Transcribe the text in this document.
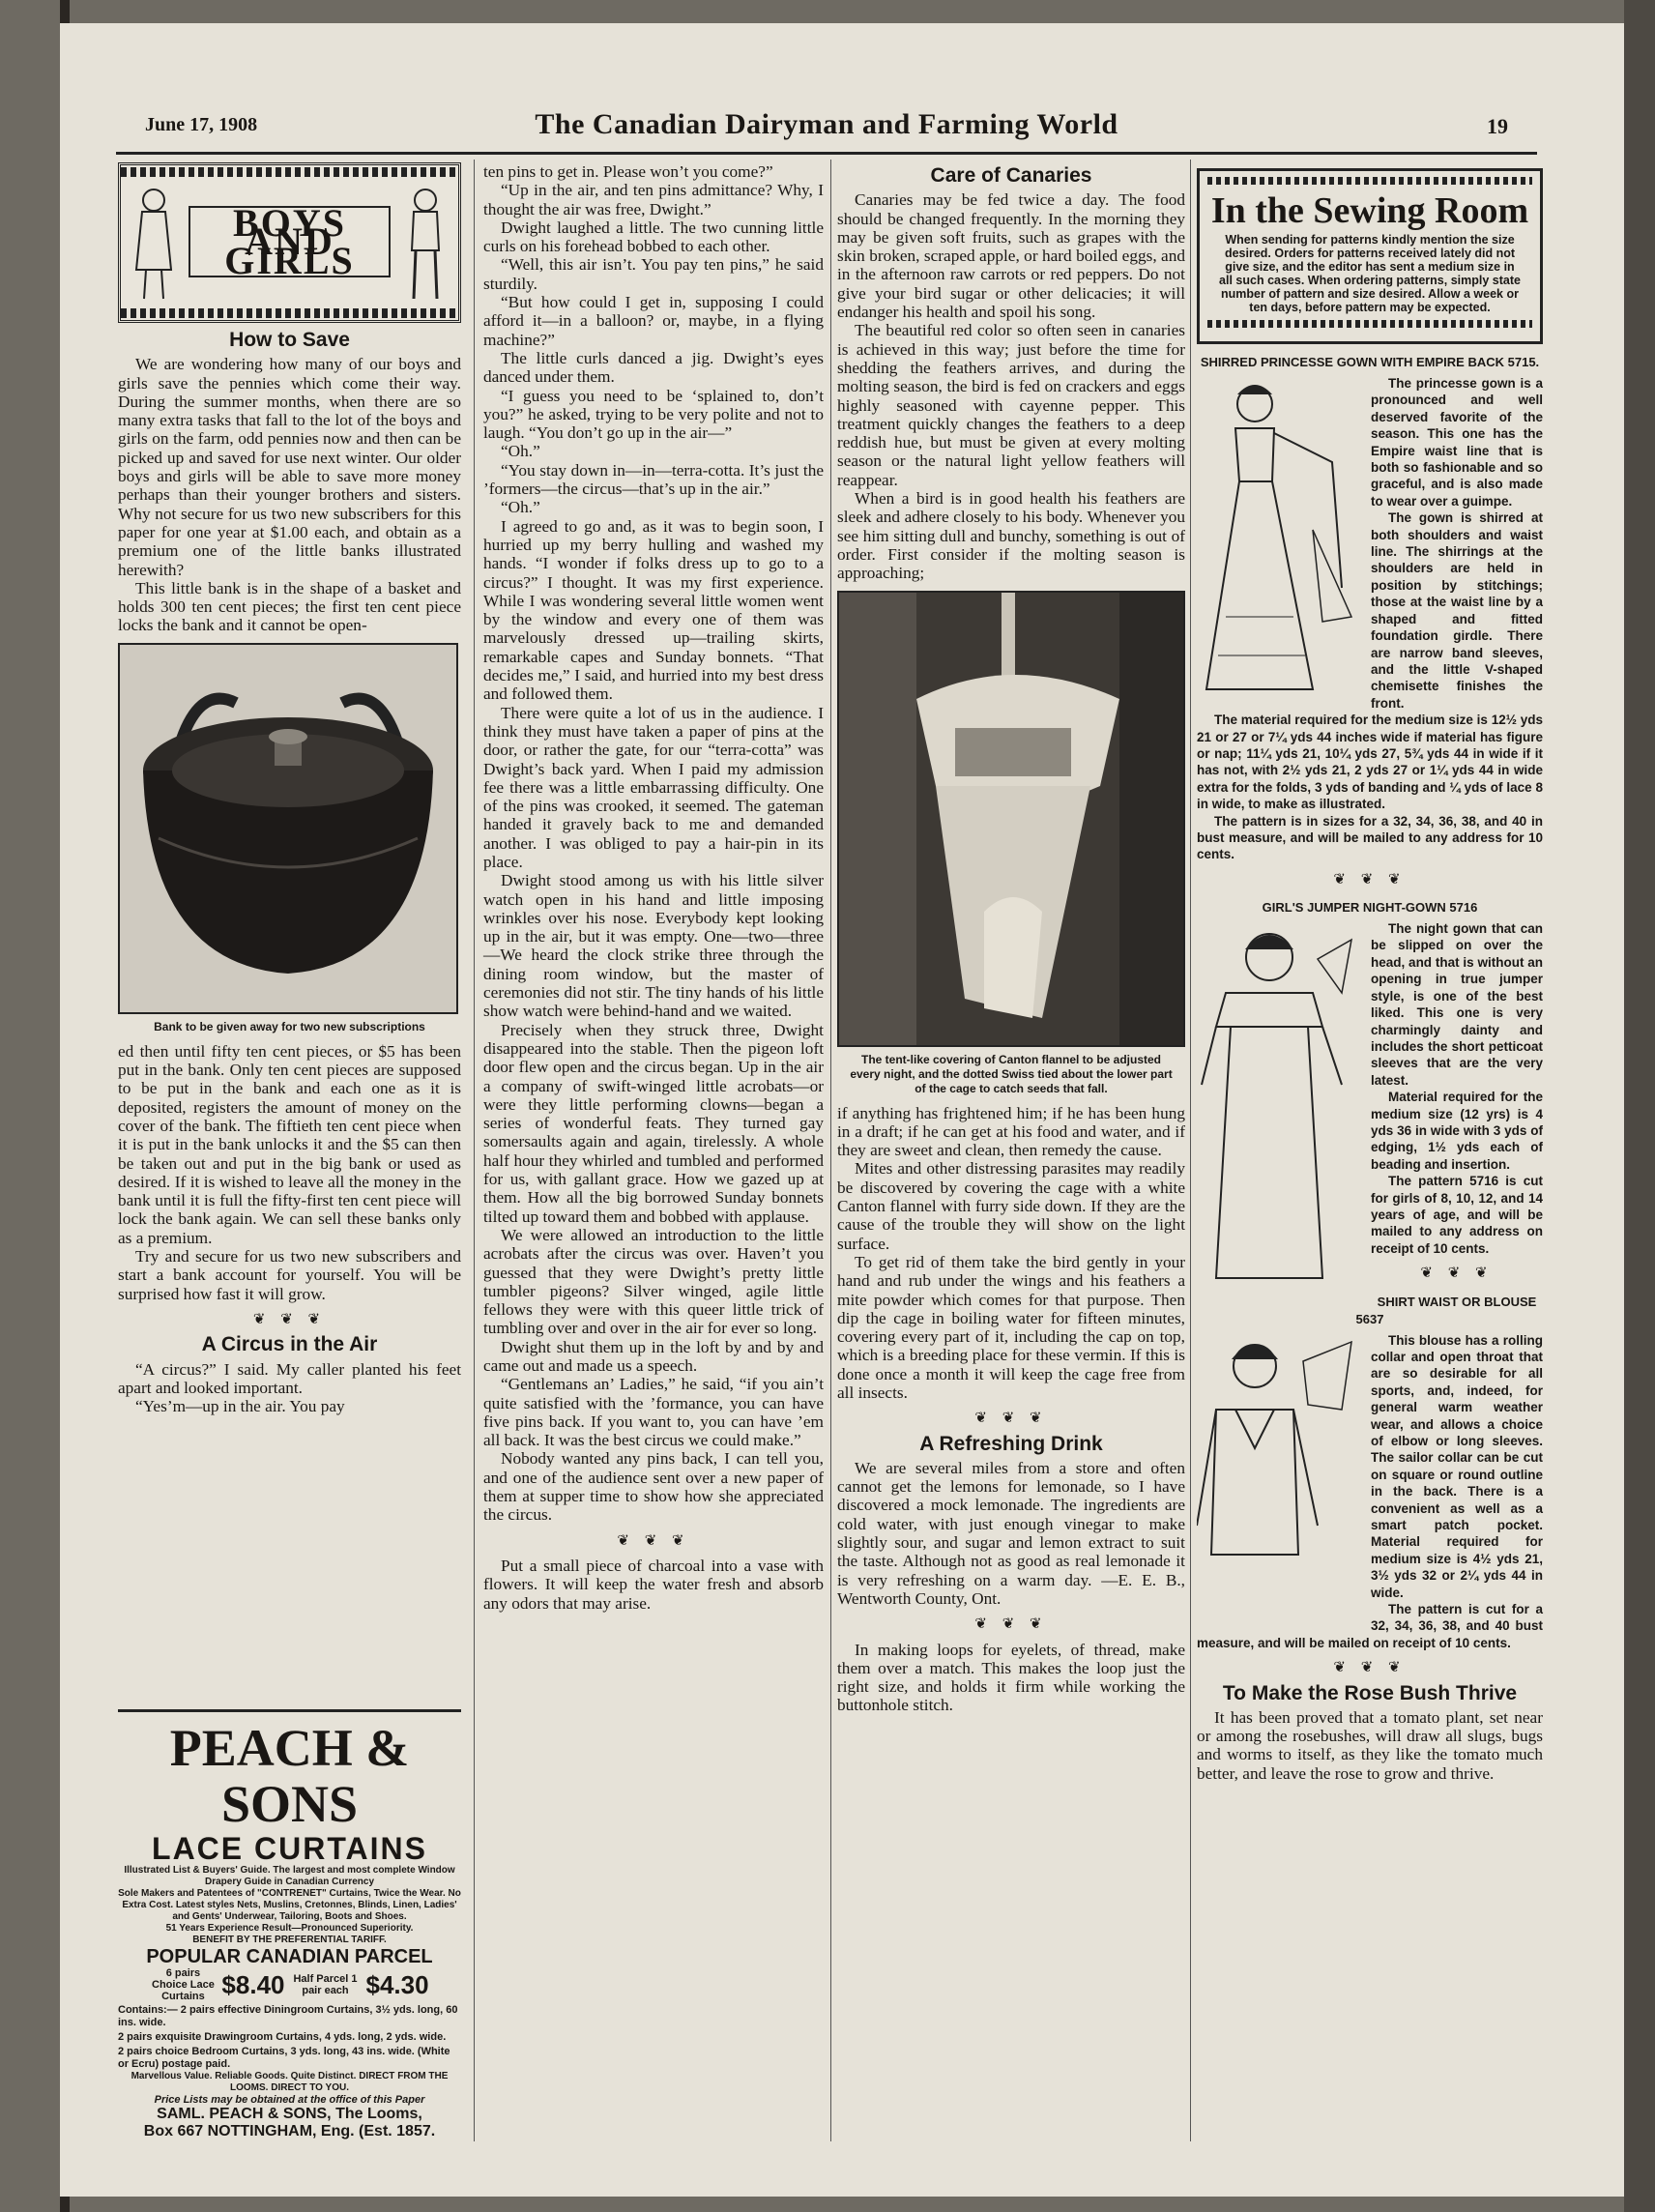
June 17, 1908	The Canadian Dairyman and Farming World	19
BOYS AND GIRLS
How to Save

We are wondering how many of our boys and girls save the pennies which come their way. During the summer months, when there are so many extra tasks that fall to the lot of the boys and girls on the farm, odd pennies now and then can be picked up and saved for use next winter. Our older boys and girls will be able to save more money perhaps than their younger brothers and sisters. Why not secure for us two new subscribers for this paper for one year at $1.00 each, and obtain as a premium one of the little banks illustrated herewith?

This little bank is in the shape of a basket and holds 300 ten cent pieces; the first ten cent piece locks the bank and it cannot be open-

Bank to be given away for two new subscriptions

ed then until fifty ten cent pieces, or $5 has been put in the bank. Only ten cent pieces are supposed to be put in the bank and each one as it is deposited, registers the amount of money on the cover of the bank. The fiftieth ten cent piece when it is put in the bank unlocks it and the $5 can then be taken out and put in the big bank or used as desired. If it is wished to leave all the money in the bank until it is full the fifty-first ten cent piece will lock the bank again. We can sell these banks only as a premium.

Try and secure for us two new subscribers and start a bank account for yourself. You will be surprised how fast it will grow.

❦ ❦ ❦
A Circus in the Air

“A circus?” I said. My caller planted his feet apart and looked important.

“Yes’m—up in the air. You pay

PEACH & SONS
LACE CURTAINS
Illustrated List & Buyers' Guide. The largest and most complete Window Drapery Guide in Canadian Currency
Sole Makers and Patentees of "CONTRENET" Curtains, Twice the Wear. No Extra Cost. Latest styles Nets, Muslins, Cretonnes, Blinds, Linen, Ladies' and Gents' Underwear, Tailoring, Boots and Shoes.
51 Years Experience Result—Pronounced Superiority.
BENEFIT BY THE PREFERENTIAL TARIFF.
POPULAR CANADIAN PARCEL
6 pairs Choice Lace Curtains $8.40 Half Parcel 1 pair each $4.30
Contains:— 2 pairs effective Diningroom Curtains, 3½ yds. long, 60 ins. wide.
2 pairs exquisite Drawingroom Curtains, 4 yds. long, 2 yds. wide.
2 pairs choice Bedroom Curtains, 3 yds. long, 43 ins. wide. (White or Ecru) postage paid.
Marvellous Value. Reliable Goods. Quite Distinct. DIRECT FROM THE LOOMS. DIRECT TO YOU.
Price Lists may be obtained at the office of this Paper
SAML. PEACH & SONS, The Looms,
Box 667 NOTTINGHAM, Eng. (Est. 1857.

ten pins to get in. Please won’t you come?”

“Up in the air, and ten pins admittance? Why, I thought the air was free, Dwight.”

Dwight laughed a little. The two cunning little curls on his forehead bobbed to each other.

“Well, this air isn’t. You pay ten pins,” he said sturdily.

“But how could I get in, supposing I could afford it—in a balloon? or, maybe, in a flying machine?”

The little curls danced a jig. Dwight’s eyes danced under them.

“I guess you need to be ‘splained to, don’t you?” he asked, trying to be very polite and not to laugh. “You don’t go up in the air—”

“Oh.”

“You stay down in—in—terra-cotta. It’s just the ’formers—the circus—that’s up in the air.”

“Oh.”

I agreed to go and, as it was to begin soon, I hurried up my berry hulling and washed my hands. “I wonder if folks dress up to go to a circus?” I thought. It was my first experience. While I was wondering several little women went by the window and every one of them was marvelously dressed up—trailing skirts, remarkable capes and Sunday bonnets. “That decides me,” I said, and hurried into my best dress and followed them.

There were quite a lot of us in the audience. I think they must have taken a paper of pins at the door, or rather the gate, for our “terra-cotta” was Dwight’s back yard. When I paid my admission fee there was a little embarrassing difficulty. One of the pins was crooked, it seemed. The gateman handed it gravely back to me and demanded another. I was obliged to pay a hair-pin in its place.

Dwight stood among us with his little silver watch open in his hand and little imposing wrinkles over his nose. Everybody kept looking up in the air, but it was empty. One—two—three—We heard the clock strike three through the dining room window, but the master of ceremonies did not stir. The tiny hands of his little show watch were behind-hand and we waited.

Precisely when they struck three, Dwight disappeared into the stable. Then the pigeon loft door flew open and the circus began. Up in the air a company of swift-winged little acrobats—or were they little performing clowns—began a series of wonderful feats. They turned gay somersaults again and again, tirelessly. A whole half hour they whirled and tumbled and performed for us, with gallant grace. How we gazed up at them. How all the big borrowed Sunday bonnets tilted up toward them and bobbed with applause.

We were allowed an introduction to the little acrobats after the circus was over. Haven’t you guessed that they were Dwight’s pretty little tumbler pigeons? Silver winged, agile little fellows they were with this queer little trick of tumbling over and over in the air for ever so long.

Dwight shut them up in the loft by and by and came out and made us a speech.

“Gentlemans an’ Ladies,” he said, “if you ain’t quite satisfied with the ’formance, you can have five pins back. If you want to, you can have ’em all back. It was the best circus we could make.”

Nobody wanted any pins back, I can tell you, and one of the audience sent over a new paper of them at supper time to show how she appreciated the circus.

❦ ❦ ❦

Put a small piece of charcoal into a vase with flowers. It will keep the water fresh and absorb any odors that may arise.

Care of Canaries

Canaries may be fed twice a day. The food should be changed frequently. In the morning they may be given soft fruits, such as grapes with the skin broken, scraped apple, or hard boiled eggs, and in the afternoon raw carrots or red peppers. Do not give your bird sugar or other delicacies; it will endanger his health and spoil his song.

The beautiful red color so often seen in canaries is achieved in this way; just before the time for shedding the feathers arrives, and during the molting season, the bird is fed on crackers and eggs highly seasoned with cayenne pepper. This treatment quickly changes the feathers to a deep reddish hue, but must be given at every molting season or the natural light yellow feathers will reappear.

When a bird is in good health his feathers are sleek and adhere closely to his body. Whenever you see him sitting dull and bunchy, something is out of order. First consider if the molting season is approaching;

The tent-like covering of Canton flannel to be adjusted every night, and the dotted Swiss tied about the lower part of the cage to catch seeds that fall.

if anything has frightened him; if he has been hung in a draft; if he can get at his food and water, and if they are sweet and clean, then remedy the cause.

Mites and other distressing parasites may readily be discovered by covering the cage with a white Canton flannel with furry side down. If they are the cause of the trouble they will show on the light surface.

To get rid of them take the bird gently in your hand and rub under the wings and his feathers a mite powder which comes for that purpose. Then dip the cage in boiling water for fifteen minutes, covering every part of it, including the cap on top, which is a breeding place for these vermin. If this is done once a month it will keep the cage free from all insects.

❦ ❦ ❦
A Refreshing Drink

We are several miles from a store and often cannot get the lemons for lemonade, so I have discovered a mock lemonade. The ingredients are cold water, with just enough vinegar to make slightly sour, and sugar and lemon extract to suit the taste. Although not as good as real lemonade it is very refreshing on a warm day. —E. E. B., Wentworth County, Ont.

❦ ❦ ❦

In making loops for eyelets, of thread, make them over a match. This makes the loop just the right size, and holds it firm while working the buttonhole stitch.

In the Sewing Room
When sending for patterns kindly mention the size desired. Orders for patterns received lately did not give size, and the editor has sent a medium size in all such cases. When ordering patterns, simply state number of pattern and size desired. Allow a week or ten days, before pattern may be expected.
SHIRRED PRINCESSE GOWN WITH EMPIRE BACK 5715.

The princesse gown is a pronounced and well deserved favorite of the season. This one has the Empire waist line that is both so fashionable and so graceful, and is also made to wear over a guimpe.

The gown is shirred at both shoulders and waist line. The shirrings at the shoulders are held in position by stitchings; those at the waist line by a shaped and fitted foundation girdle. There are narrow band sleeves, and the little V-shaped chemisette finishes the front.

The material required for the medium size is 12½ yds 21 or 27 or 7¼ yds 44 inches wide if material has figure or nap; 11¼ yds 21, 10¼ yds 27, 5¾ yds 44 in wide if it has not, with 2½ yds 21, 2 yds 27 or 1¼ yds 44 in wide extra for the folds, 3 yds of banding and ¼ yds of lace 8 in wide, to make as illustrated.

The pattern is in sizes for a 32, 34, 36, 38, and 40 in bust measure, and will be mailed to any address for 10 cents.

❦ ❦ ❦
GIRL'S JUMPER NIGHT-GOWN 5716

The night gown that can be slipped on over the head, and that is without an opening in true jumper style, is one of the best liked. This one is very charmingly dainty and includes the short petticoat sleeves that are the very latest.

Material required for the medium size (12 yrs) is 4 yds 36 in wide with 3 yds of edging, 1½ yds each of beading and insertion.

The pattern 5716 is cut for girls of 8, 10, 12, and 14 years of age, and will be mailed to any address on receipt of 10 cents.

❦ ❦ ❦
SHIRT WAIST OR BLOUSE 5637

This blouse has a rolling collar and open throat that are so desirable for all sports, and, indeed, for general warm weather wear, and allows a choice of elbow or long sleeves. The sailor collar can be cut on square or round outline in the back. There is a convenient as well as a smart patch pocket. Material required for medium size is 4½ yds 21, 3½ yds 32 or 2¼ yds 44 in wide.

The pattern is cut for a 32, 34, 36, 38, and 40 bust measure, and will be mailed on receipt of 10 cents.

❦ ❦ ❦
To Make the Rose Bush Thrive

It has been proved that a tomato plant, set near or among the rosebushes, will draw all slugs, bugs and worms to itself, as they like the tomato much better, and leave the rose to grow and thrive.
